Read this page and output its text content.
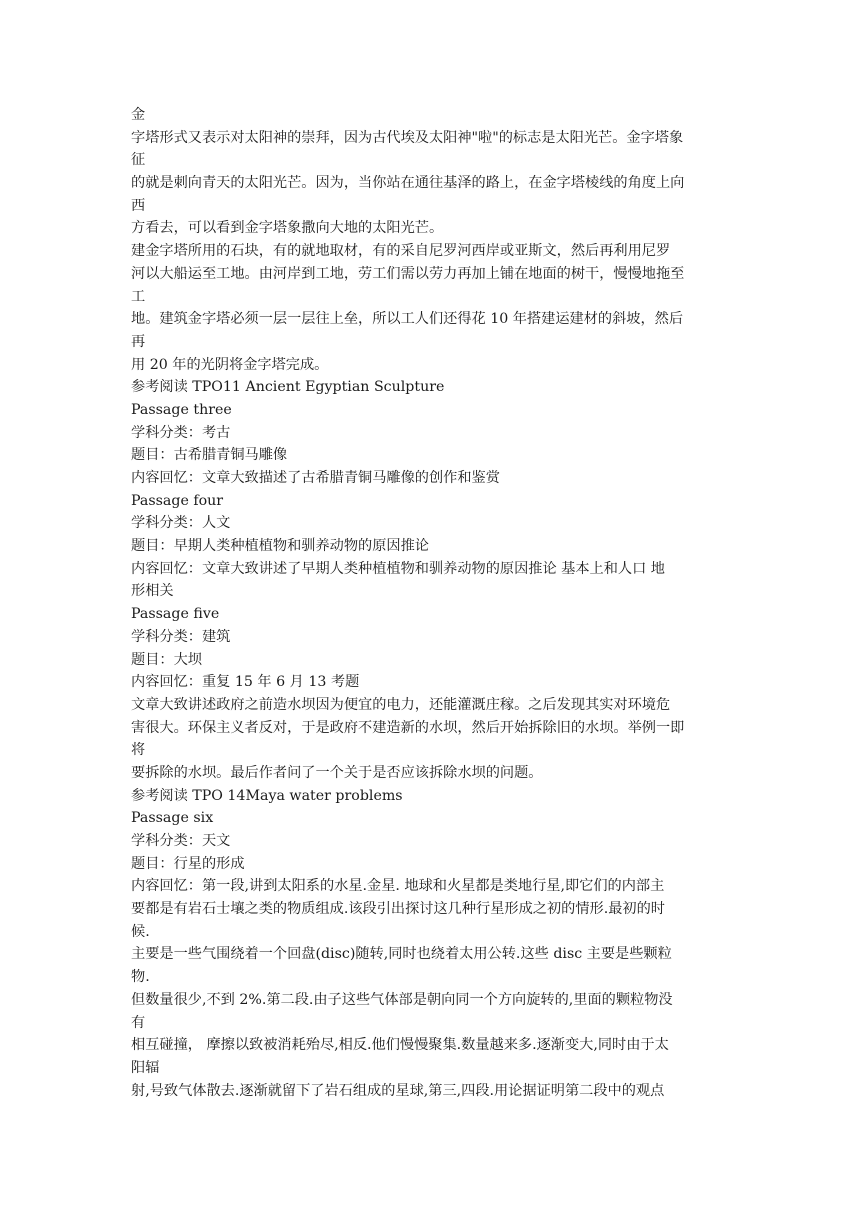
金
字塔形式又表示对太阳神的崇拜，因为古代埃及太阳神"啦"的标志是太阳光芒。金字塔象
征
的就是刺向青天的太阳光芒。因为，当你站在通往基泽的路上，在金字塔棱线的角度上向
西
方看去，可以看到金字塔象撒向大地的太阳光芒。
建金字塔所用的石块，有的就地取材，有的采自尼罗河西岸或亚斯文，然后再利用尼罗
河以大船运至工地。由河岸到工地，劳工们需以劳力再加上铺在地面的树干，慢慢地拖至
工
地。建筑金字塔必须一层一层往上垒，所以工人们还得花 10 年搭建运建材的斜坡，然后
再
用 20 年的光阴将金字塔完成。
参考阅读 TPO11 Ancient Egyptian Sculpture
Passage three
学科分类：考古
题目：古希腊青铜马雕像
内容回忆：文章大致描述了古希腊青铜马雕像的创作和鉴赏
Passage four
学科分类：人文
题目：早期人类种植植物和驯养动物的原因推论
内容回忆：文章大致讲述了早期人类种植植物和驯养动物的原因推论 基本上和人口 地
形相关
Passage five
学科分类：建筑
题目：大坝
内容回忆：重复 15 年 6 月 13 考题
文章大致讲述政府之前造水坝因为便宜的电力，还能灌溉庄稼。之后发现其实对环境危
害很大。环保主义者反对，于是政府不建造新的水坝，然后开始拆除旧的水坝。举例一即
将
要拆除的水坝。最后作者问了一个关于是否应该拆除水坝的问题。
参考阅读 TPO 14Maya water problems
Passage six
学科分类：天文
题目：行星的形成
内容回忆：第一段,讲到太阳系的水星.金星. 地球和火星都是类地行星,即它们的内部主
要都是有岩石士壤之类的物质组成.该段引出探讨这几种行星形成之初的情形.最初的时
候.
主要是一些气围绕着一个回盘(disc)随转,同时也绕着太用公转.这些 disc 主要是些颗粒
物.
但数量很少,不到 2%.第二段.由子这些气体部是朝向同一个方向旋转的,里面的颗粒物没
有
相互碰撞， 摩擦以致被消耗殆尽,相反.他们慢慢聚集.数量越来多.逐渐变大,同时由于太
阳辐
射,号致气体散去.逐渐就留下了岩石组成的星球,第三,四段.用论据证明第二段中的观点
